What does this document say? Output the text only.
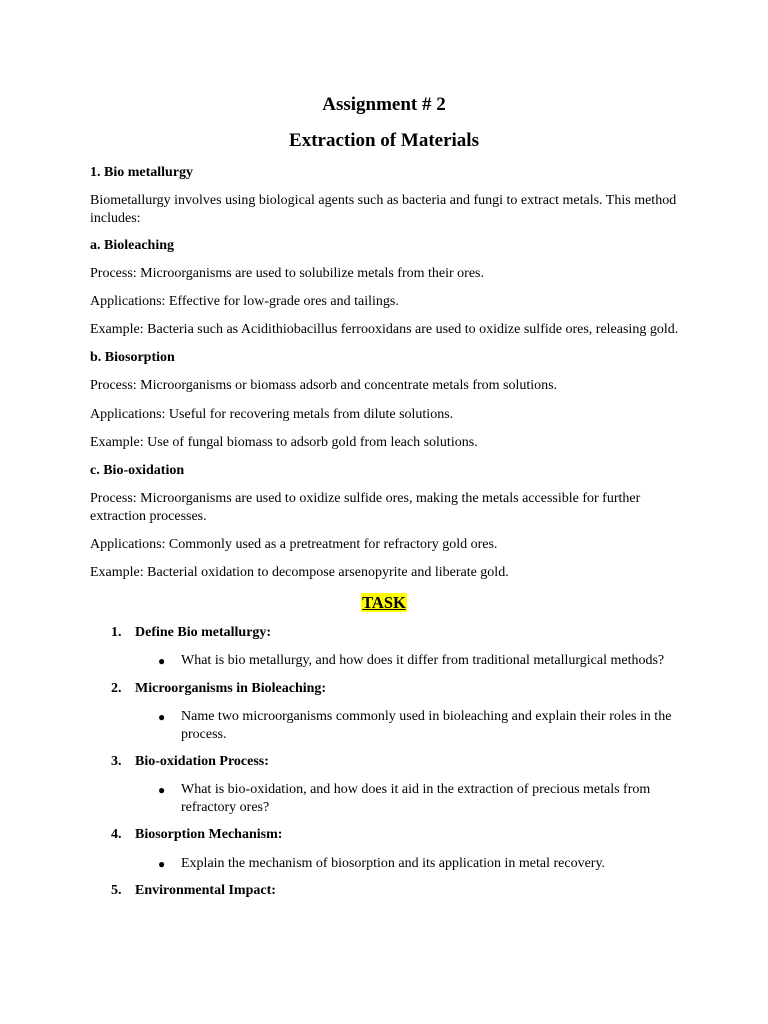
Assignment # 2
Extraction of Materials

1. Bio metallurgy

Biometallurgy involves using biological agents such as bacteria and fungi to extract metals. This method includes:

a. Bioleaching

Process: Microorganisms are used to solubilize metals from their ores.

Applications: Effective for low-grade ores and tailings.

Example: Bacteria such as Acidithiobacillus ferrooxidans are used to oxidize sulfide ores, releasing gold.

b. Biosorption

Process: Microorganisms or biomass adsorb and concentrate metals from solutions.

Applications: Useful for recovering metals from dilute solutions.

Example: Use of fungal biomass to adsorb gold from leach solutions.

c. Bio-oxidation

Process: Microorganisms are used to oxidize sulfide ores, making the metals accessible for further extraction processes.

Applications: Commonly used as a pretreatment for refractory gold ores.

Example: Bacterial oxidation to decompose arsenopyrite and liberate gold.

TASK
1. Define Bio metallurgy:
● What is bio metallurgy, and how does it differ from traditional metallurgical methods?
2. Microorganisms in Bioleaching:
● Name two microorganisms commonly used in bioleaching and explain their roles in the process.
3. Bio-oxidation Process:
● What is bio-oxidation, and how does it aid in the extraction of precious metals from refractory ores?
4. Biosorption Mechanism:
● Explain the mechanism of biosorption and its application in metal recovery.
5. Environmental Impact:
